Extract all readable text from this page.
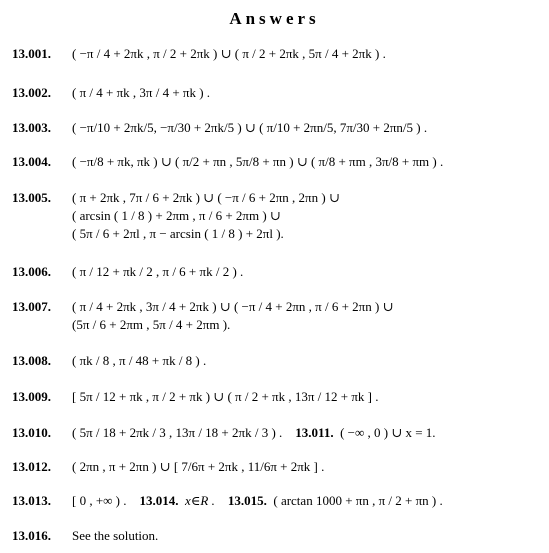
Answers
13.001. ( −π / 4 + 2πk , π / 2 + 2πk ) ∪ ( π / 2 + 2πk , 5π / 4 + 2πk ) .
13.002. ( π / 4 + πk , 3π / 4 + πk ) .
13.003. ( −π/10 + 2πk/5, −π/30 + 2πk/5 ) ∪ ( π/10 + 2πn/5, 7π/30 + 2πn/5 ) .
13.004. ( −π/8 + πk, πk ) ∪ ( π/2 + πn , 5π/8 + πn ) ∪ ( π/8 + πm , 3π/8 + πm ) .
13.005. ( π + 2πk , 7π / 6 + 2πk ) ∪ ( −π / 6 + 2πn , 2πn ) ∪
( arcsin ( 1 / 8 ) + 2πm , π / 6 + 2πm ) ∪
( 5π / 6 + 2πl , π − arcsin ( 1 / 8 ) + 2πl ).
13.006. ( π / 12 + πk / 2 , π / 6 + πk / 2 ) .
13.007. ( π / 4 + 2πk , 3π / 4 + 2πk ) ∪ ( −π / 4 + 2πn , π / 6 + 2πn ) ∪
(5π / 6 + 2πm , 5π / 4 + 2πm ).
13.008. ( πk / 8 , π / 48 + πk / 8 ) .
13.009. [ 5π / 12 + πk , π / 2 + πk ) ∪ ( π / 2 + πk , 13π / 12 + πk ] .
13.010. ( 5π / 18 + 2πk / 3 , 13π / 18 + 2πk / 3 ) . 13.011. ( −∞ , 0 ) ∪ x = 1.
13.012. ( 2πn , π + 2πn ) ∪ [ 7/6π + 2πk , 11/6π + 2πk ] .
13.013. [ 0 , +∞ ) . 13.014. x∈R . 13.015. ( arctan 1000 + πn , π / 2 + πn ) .
13.016. See the solution.
